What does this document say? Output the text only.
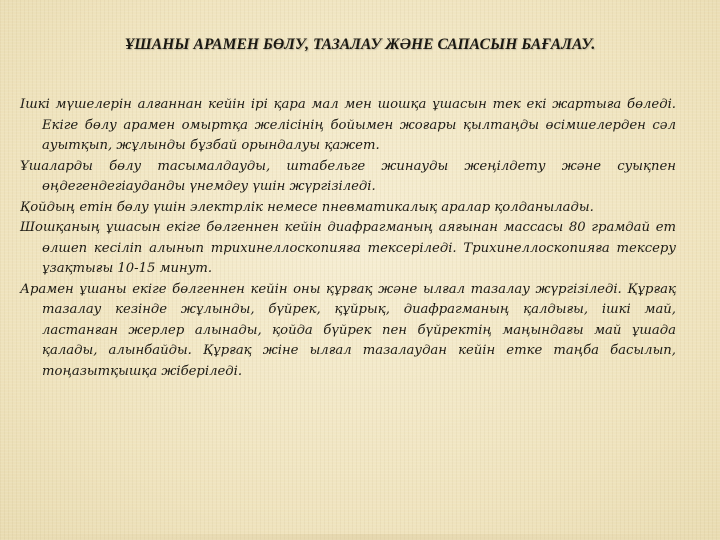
ҰШАНЫ АРАМЕН БӨЛУ, ТАЗАЛАУ ЖӘНЕ САПАСЫН БАҒАЛАУ.

Ішкі мүшелерін алғаннан кейін ірі қара мал мен шошқа ұшасын тек екі жартыға бөледі. Екіге бөлу арамен омыртқа желісінің бойымен жоғары қылтаңды өсімшелерден сәл ауытқып, жұлынды бұзбай орындалуы қажет.

Ұшаларды бөлу тасымалдауды, штабельге жинауды жеңілдету және суықпен өңдегендегіауданды үнемдеу үшін жүргізіледі.

Қойдың етін бөлу үшін электрлік немесе пневматикалық аралар қолданылады.

Шошқаның ұшасын екіге бөлгеннен кейін диафрагманың аяғынан массасы 80 грамдай ет өлшеп кесіліп алынып трихинеллоскопияға тексеріледі. Трихинеллоскопияға тексеру ұзақтығы 10-15 минут.

Арамен ұшаны екіге бөлгеннен кейін оны құрғақ және ылғал тазалау жүргізіледі. Құрғақ тазалау кезінде жұлынды, бүйрек, құйрық, диафрагманың қалдығы, ішкі май, ластанған жерлер алынады, қойда бүйрек пен бүйректің маңындағы май ұшада қалады, алынбайды. Құрғақ жіне ылғал тазалаудан кейін етке таңба басылып, тоңазытқышқа жіберіледі.
